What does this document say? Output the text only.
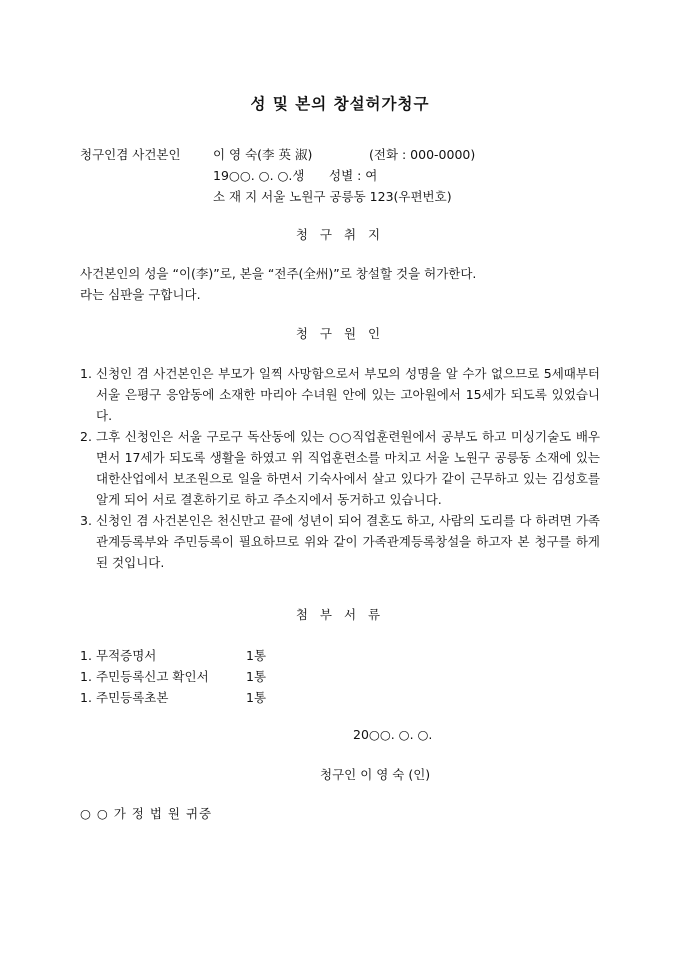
성 및 본의 창설허가청구
청구인겸 사건본인	이 영 숙(李 英 淑)	(전화 : 000-0000)
19○○. ○. ○.생 성별 : 여
소 재 지 서울 노원구 공릉동 123(우편번호)
청 구 취 지
사건본인의 성을 “이(李)”로, 본을 “전주(全州)”로 창설할 것을 허가한다.
라는 심판을 구합니다.
청 구 원 인
1. 신청인 겸 사건본인은 부모가 일찍 사망함으로서 부모의 성명을 알 수가 없으므로 5세때부터 서울 은평구 응암동에 소재한 마리아 수녀원 안에 있는 고아원에서 15세가 되도록 있었습니다.
2. 그후 신청인은 서울 구로구 독산동에 있는 ○○직업훈련원에서 공부도 하고 미싱기술도 배우면서 17세가 되도록 생활을 하였고 위 직업훈련소를 마치고 서울 노원구 공릉동 소재에 있는 대한산업에서 보조원으로 일을 하면서 기숙사에서 살고 있다가 같이 근무하고 있는 김성호를 알게 되어 서로 결혼하기로 하고 주소지에서 동거하고 있습니다.
3. 신청인 겸 사건본인은 천신만고 끝에 성년이 되어 결혼도 하고, 사람의 도리를 다 하려면 가족관계등록부와 주민등록이 필요하므로 위와 같이 가족관계등록창설을 하고자 본 청구를 하게 된 것입니다.
첨 부 서 류
1. 무적증명서	1통
1. 주민등록신고 확인서	1통
1. 주민등록초본	1통
20○○. ○. ○.
청구인 이 영 숙 (인)
○ ○ 가 정 법 원 귀중
